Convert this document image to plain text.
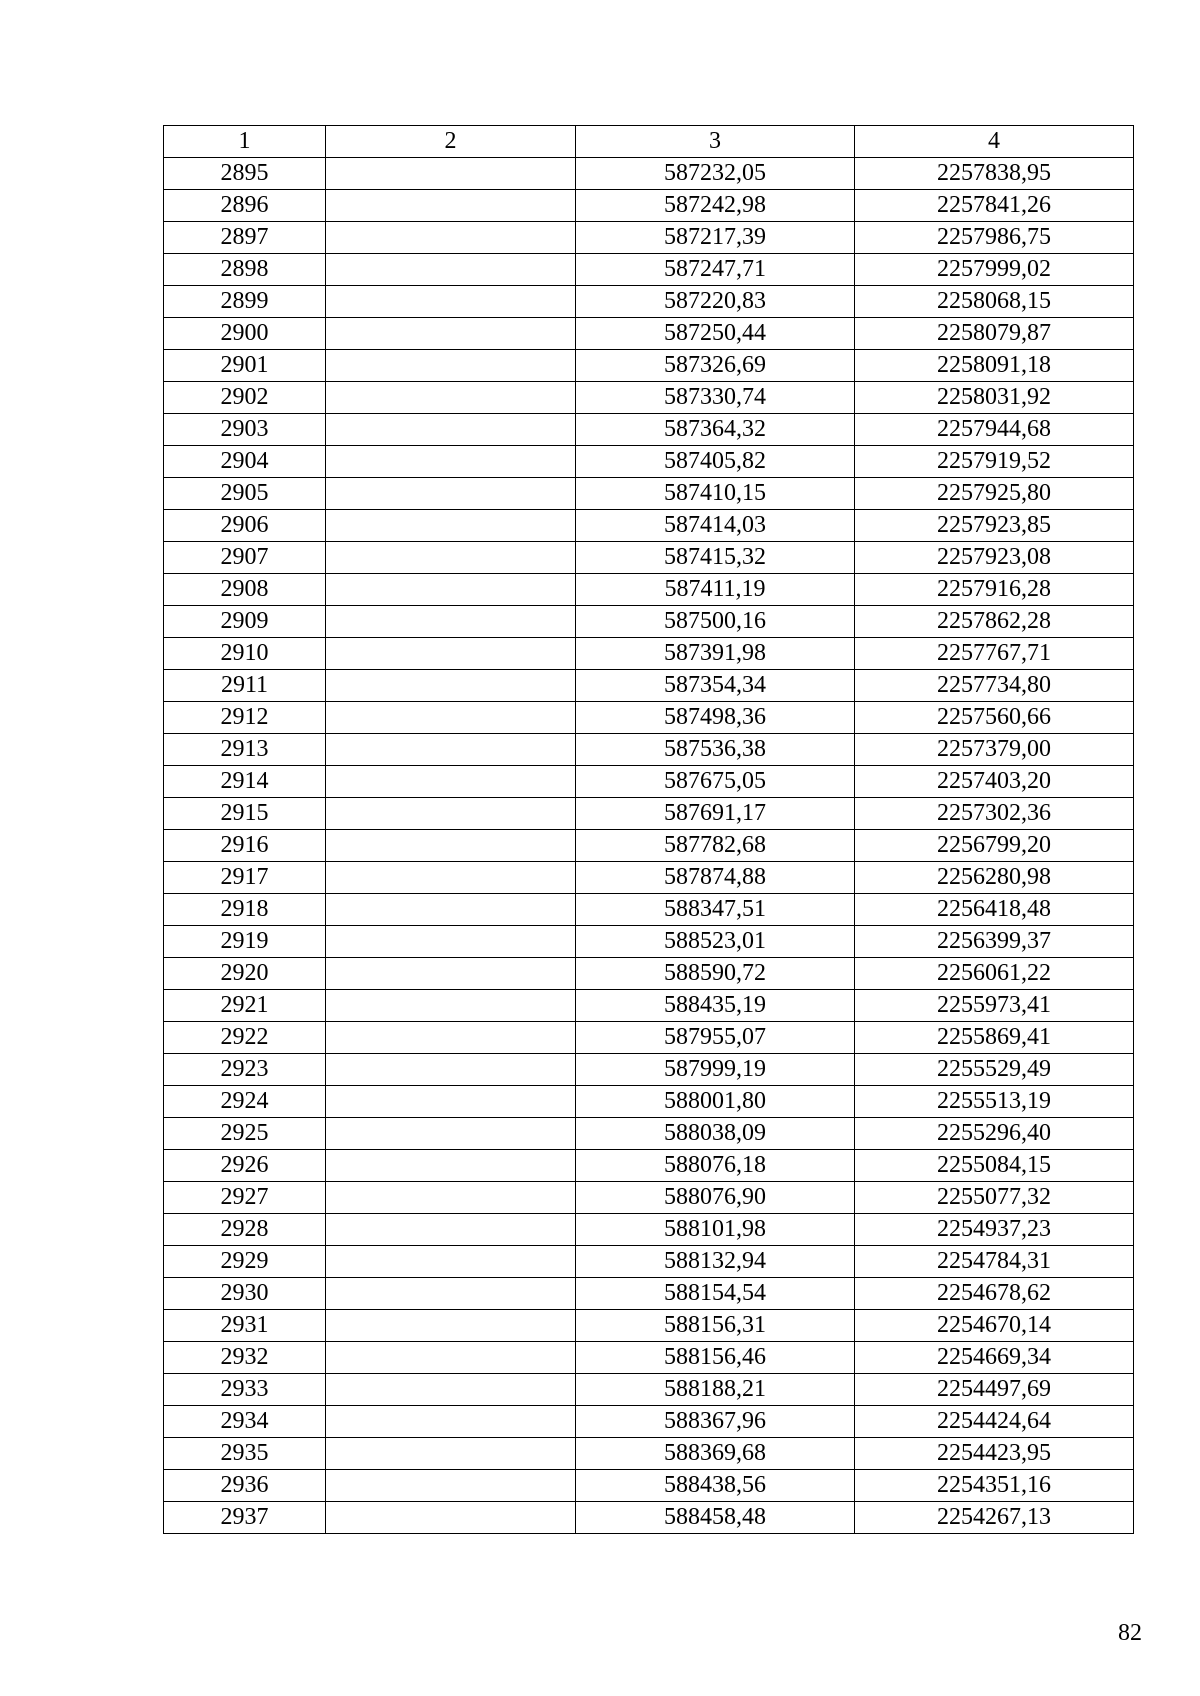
1	2	3	4
2895		587232,05	2257838,95
2896		587242,98	2257841,26
2897		587217,39	2257986,75
2898		587247,71	2257999,02
2899		587220,83	2258068,15
2900		587250,44	2258079,87
2901		587326,69	2258091,18
2902		587330,74	2258031,92
2903		587364,32	2257944,68
2904		587405,82	2257919,52
2905		587410,15	2257925,80
2906		587414,03	2257923,85
2907		587415,32	2257923,08
2908		587411,19	2257916,28
2909		587500,16	2257862,28
2910		587391,98	2257767,71
2911		587354,34	2257734,80
2912		587498,36	2257560,66
2913		587536,38	2257379,00
2914		587675,05	2257403,20
2915		587691,17	2257302,36
2916		587782,68	2256799,20
2917		587874,88	2256280,98
2918		588347,51	2256418,48
2919		588523,01	2256399,37
2920		588590,72	2256061,22
2921		588435,19	2255973,41
2922		587955,07	2255869,41
2923		587999,19	2255529,49
2924		588001,80	2255513,19
2925		588038,09	2255296,40
2926		588076,18	2255084,15
2927		588076,90	2255077,32
2928		588101,98	2254937,23
2929		588132,94	2254784,31
2930		588154,54	2254678,62
2931		588156,31	2254670,14
2932		588156,46	2254669,34
2933		588188,21	2254497,69
2934		588367,96	2254424,64
2935		588369,68	2254423,95
2936		588438,56	2254351,16
2937		588458,48	2254267,13
82
